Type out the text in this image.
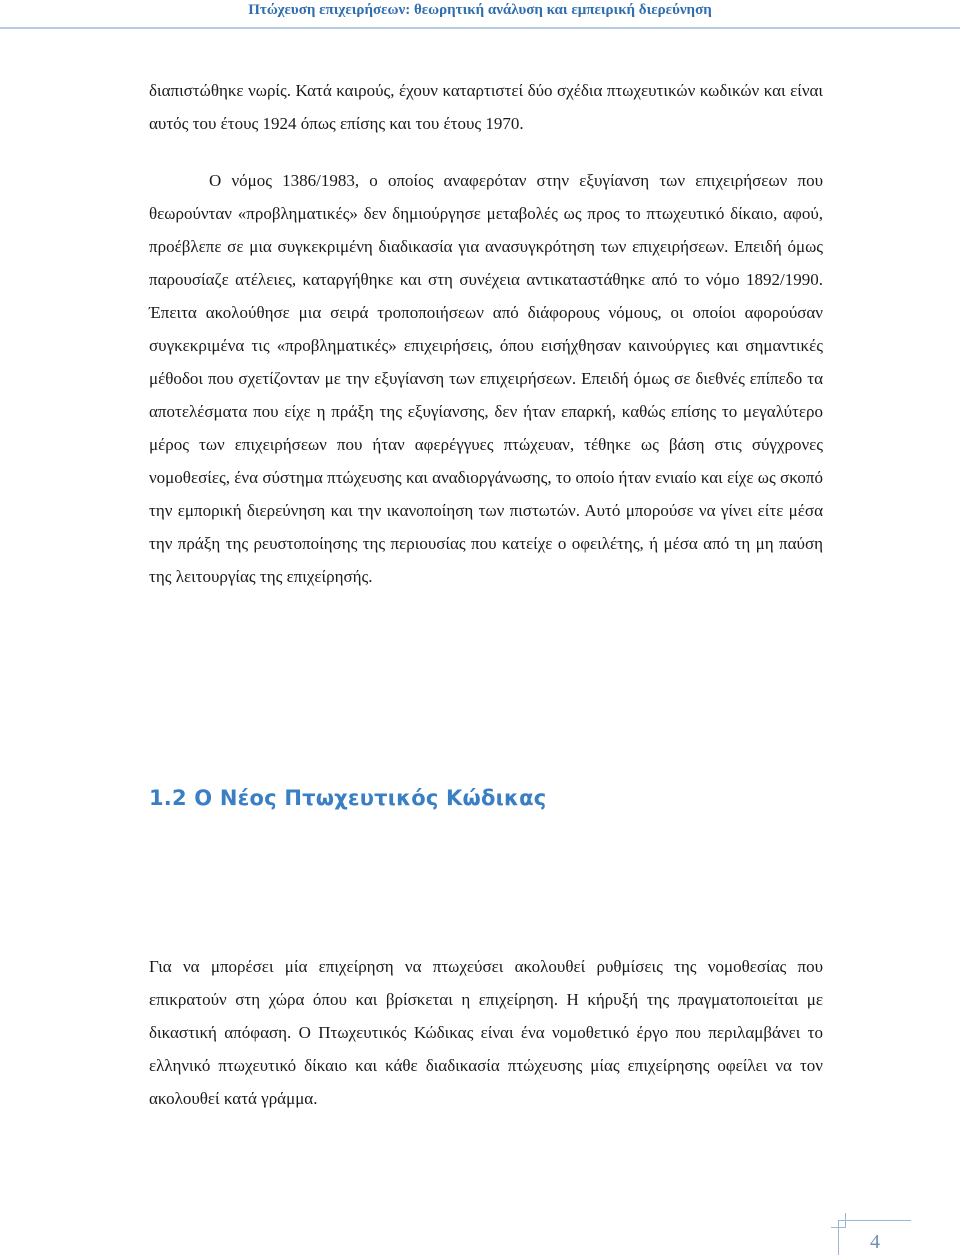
Πτώχευση επιχειρήσεων: θεωρητική ανάλυση και εμπειρική διερεύνηση

διαπιστώθηκε νωρίς. Κατά καιρούς, έχουν καταρτιστεί δύο σχέδια πτωχευτικών κωδικών και είναι αυτός του έτους 1924 όπως επίσης και του έτους 1970.

Ο νόμος 1386/1983, ο οποίος αναφερόταν στην εξυγίανση των επιχειρήσεων που θεωρούνταν «προβληματικές» δεν δημιούργησε μεταβολές ως προς το πτωχευτικό δίκαιο, αφού, προέβλεπε σε μια συγκεκριμένη διαδικασία για ανασυγκρότηση των επιχειρήσεων. Επειδή όμως παρουσίαζε ατέλειες, καταργήθηκε και στη συνέχεια αντικαταστάθηκε από το νόμο 1892/1990. Έπειτα ακολούθησε μια σειρά τροποποιήσεων από διάφορους νόμους, οι οποίοι αφορούσαν συγκεκριμένα τις «προβληματικές» επιχειρήσεις, όπου εισήχθησαν καινούργιες και σημαντικές μέθοδοι που σχετίζονταν με την εξυγίανση των επιχειρήσεων. Επειδή όμως σε διεθνές επίπεδο τα αποτελέσματα που είχε η πράξη της εξυγίανσης, δεν ήταν επαρκή, καθώς επίσης το μεγαλύτερο μέρος των επιχειρήσεων που ήταν αφερέγγυες πτώχευαν, τέθηκε ως βάση στις σύγχρονες νομοθεσίες, ένα σύστημα πτώχευσης και αναδιοργάνωσης, το οποίο ήταν ενιαίο και είχε ως σκοπό την εμπορική διερεύνηση και την ικανοποίηση των πιστωτών. Αυτό μπορούσε να γίνει είτε μέσα την πράξη της ρευστοποίησης της περιουσίας που κατείχε ο οφειλέτης, ή μέσα από τη μη παύση της λειτουργίας της επιχείρησής.

1.2 Ο Νέος Πτωχευτικός Κώδικας

Για να μπορέσει μία επιχείρηση να πτωχεύσει ακολουθεί ρυθμίσεις της νομοθεσίας που επικρατούν στη χώρα όπου και βρίσκεται η επιχείρηση. Η κήρυξή της πραγματοποιείται με δικαστική απόφαση. Ο Πτωχευτικός Κώδικας είναι ένα νομοθετικό έργο που περιλαμβάνει το ελληνικό πτωχευτικό δίκαιο και κάθε διαδικασία πτώχευσης μίας επιχείρησης οφείλει να τον ακολουθεί κατά γράμμα.

4
